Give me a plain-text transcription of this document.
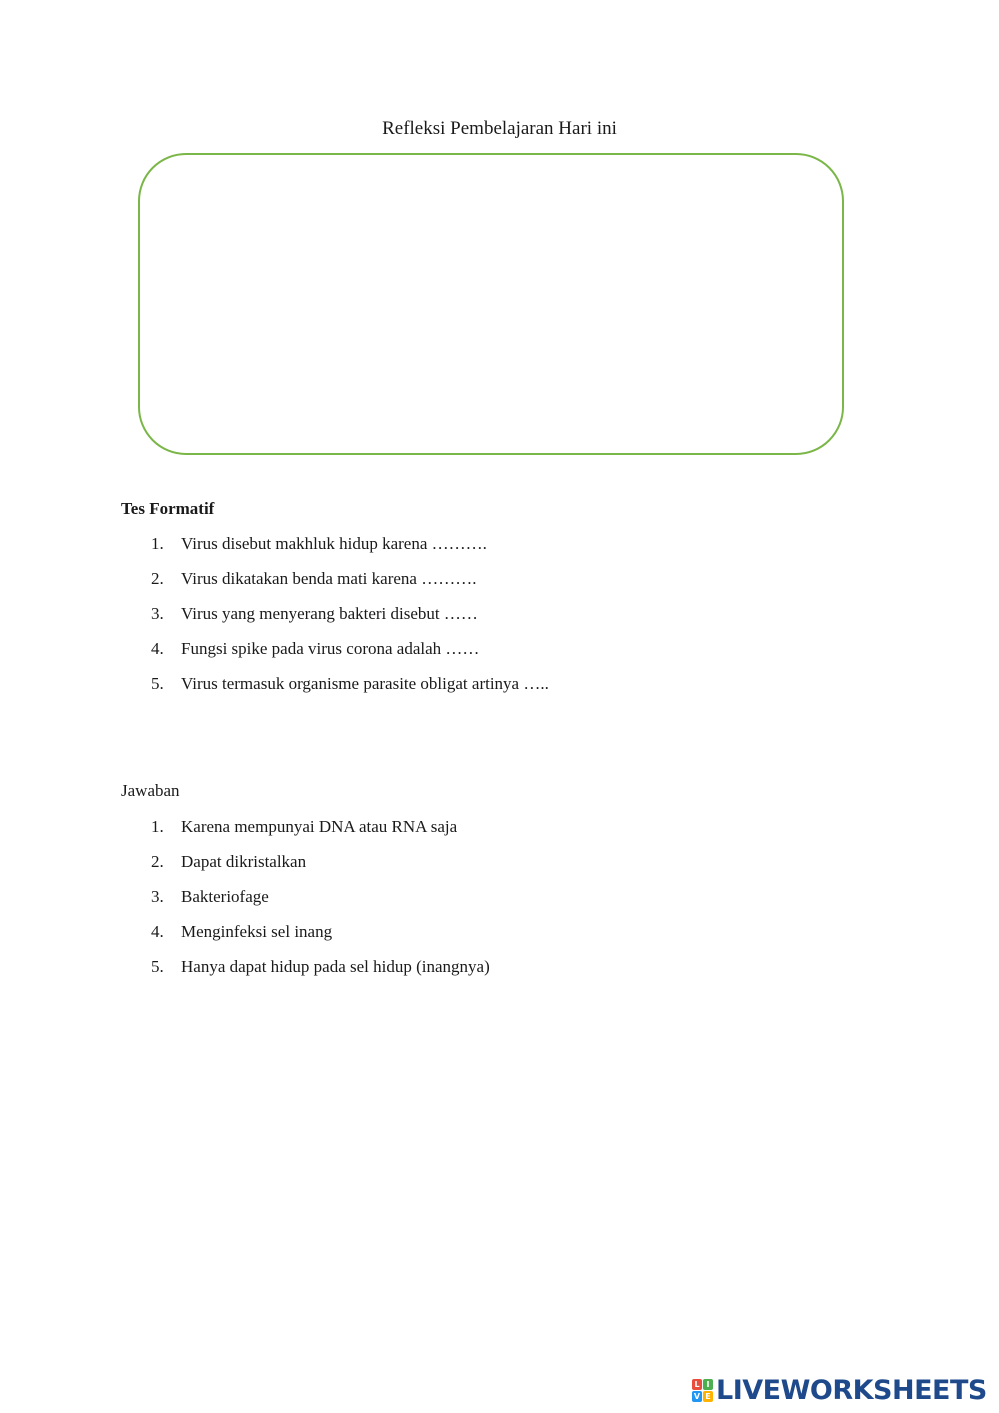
Refleksi Pembelajaran Hari ini
Tes Formatif
1. Virus disebut makhluk hidup karena ……….
2. Virus dikatakan benda mati karena ……….
3. Virus yang menyerang bakteri disebut ……
4. Fungsi spike pada virus corona adalah ……
5. Virus termasuk organisme parasite obligat artinya …..
Jawaban
1. Karena mempunyai DNA atau RNA saja
2. Dapat dikristalkan
3. Bakteriofage
4. Menginfeksi sel inang
5. Hanya dapat hidup pada sel hidup (inangnya)
L I
V E LIVEWORKSHEETS
